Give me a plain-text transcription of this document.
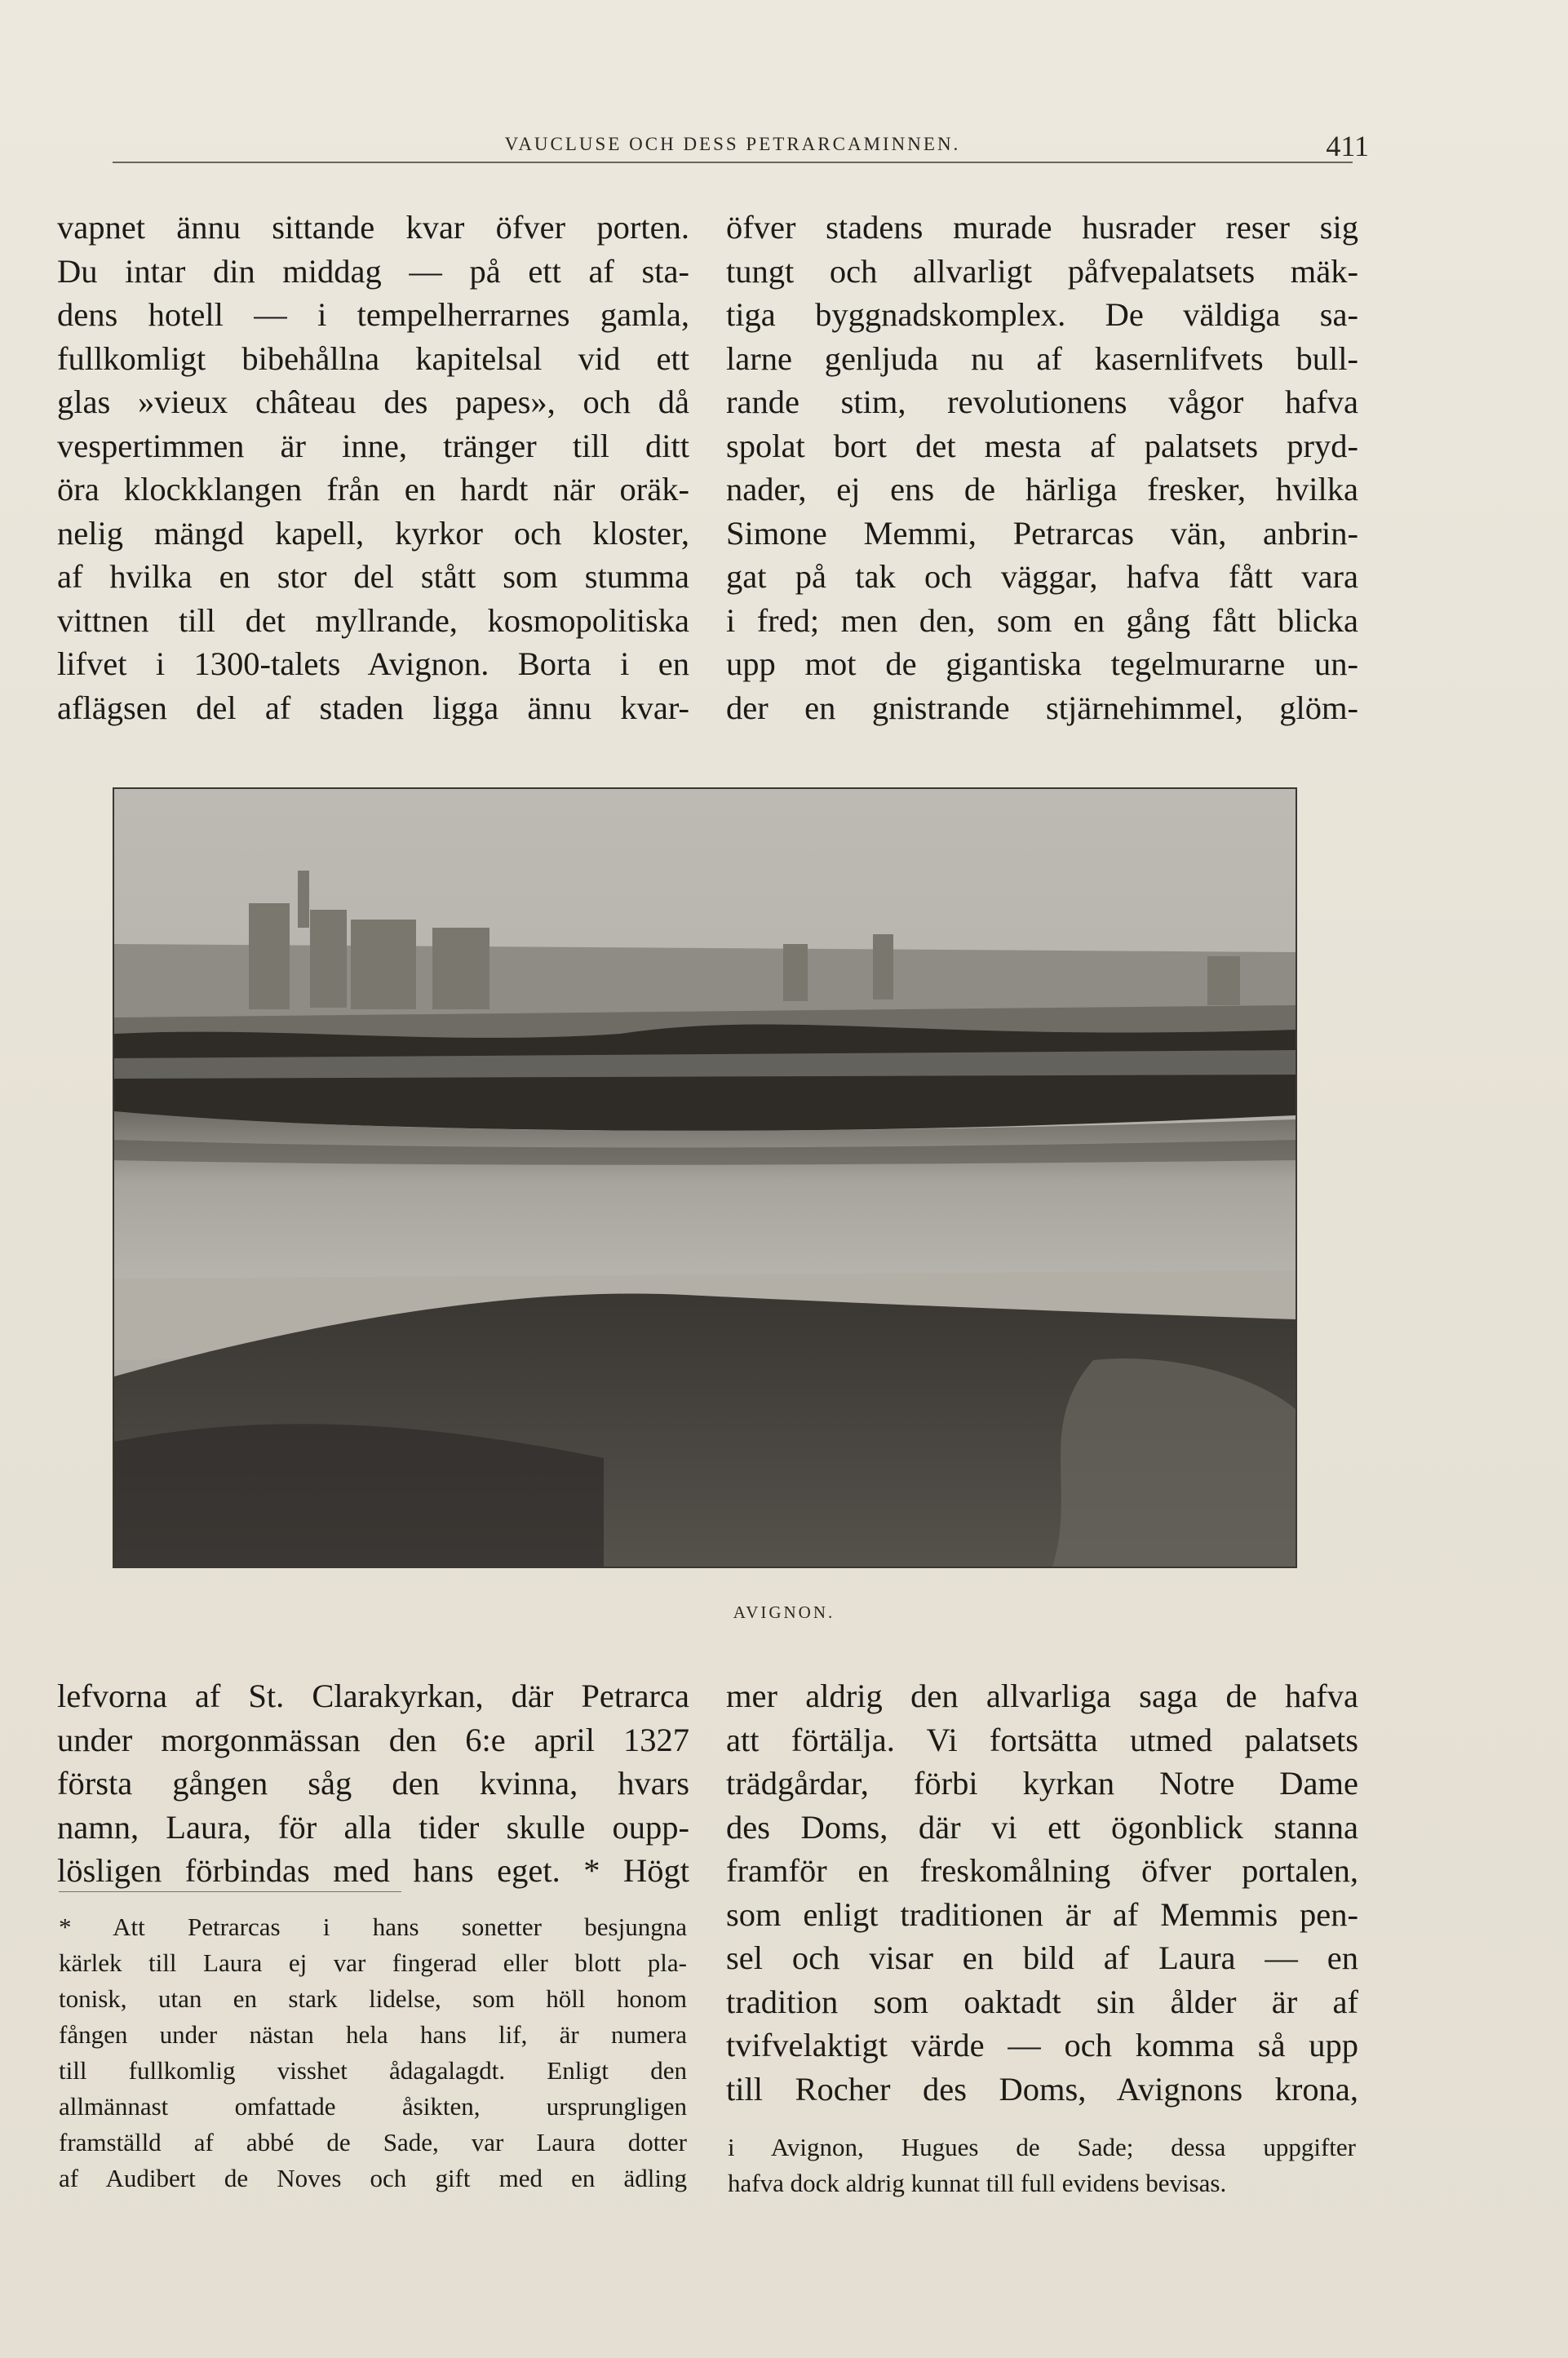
VAUCLUSE OCH DESS PETRARCAMINNEN.	411
vapnet ännu sittande kvar öfver porten.
Du intar din middag — på ett af sta-
dens hotell — i tempelherrarnes gamla,
fullkomligt bibehållna kapitelsal vid ett
glas »vieux château des papes», och då
vespertimmen är inne, tränger till ditt
öra klockklangen från en hardt när oräk-
nelig mängd kapell, kyrkor och kloster,
af hvilka en stor del stått som stumma
vittnen till det myllrande, kosmopolitiska
lifvet i 1300-talets Avignon. Borta i en
aflägsen del af staden ligga ännu kvar-
öfver stadens murade husrader reser sig
tungt och allvarligt påfvepalatsets mäk-
tiga byggnadskomplex. De väldiga sa-
larne genljuda nu af kasernlifvets bull-
rande stim, revolutionens vågor hafva
spolat bort det mesta af palatsets pryd-
nader, ej ens de härliga fresker, hvilka
Simone Memmi, Petrarcas vän, anbrin-
gat på tak och väggar, hafva fått vara
i fred; men den, som en gång fått blicka
upp mot de gigantiska tegelmurarne un-
der en gnistrande stjärnehimmel, glöm-
AVIGNON.
lefvorna af St. Clarakyrkan, där Petrarca
under morgonmässan den 6:e april 1327
första gången såg den kvinna, hvars
namn, Laura, för alla tider skulle oupp-
lösligen förbindas med hans eget. * Högt
* Att Petrarcas i hans sonetter besjungna
kärlek till Laura ej var fingerad eller blott pla-
tonisk, utan en stark lidelse, som höll honom
fången under nästan hela hans lif, är numera
till fullkomlig visshet ådagalagdt. Enligt den
allmännast omfattade åsikten, ursprungligen
framställd af abbé de Sade, var Laura dotter
af Audibert de Noves och gift med en ädling
mer aldrig den allvarliga saga de hafva
att förtälja. Vi fortsätta utmed palatsets
trädgårdar, förbi kyrkan Notre Dame
des Doms, där vi ett ögonblick stanna
framför en freskomålning öfver portalen,
som enligt traditionen är af Memmis pen-
sel och visar en bild af Laura — en
tradition som oaktadt sin ålder är af
tvifvelaktigt värde — och komma så upp
till Rocher des Doms, Avignons krona,
i Avignon, Hugues de Sade; dessa uppgifter
hafva dock aldrig kunnat till full evidens bevisas.
